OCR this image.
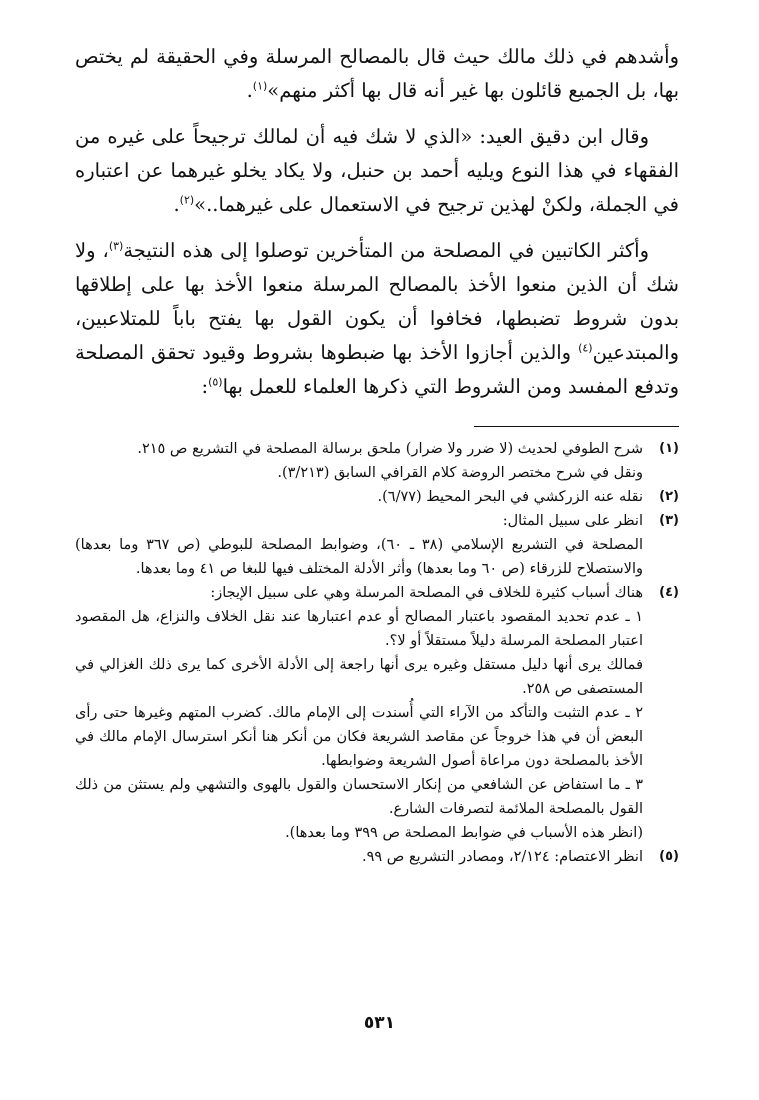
وأشدهم في ذلك مالك حيث قال بالمصالح المرسلة وفي الحقيقة لم يختص بها، بل الجميع قائلون بها غير أنه قال بها أكثر منهم»$^{(١)}$.

وقال ابن دقيق العيد: «الذي لا شك فيه أن لمالك ترجيحاً على غيره من الفقهاء في هذا النوع ويليه أحمد بن حنبل، ولا يكاد يخلو غيرهما عن اعتباره في الجملة، ولكنْ لهذين ترجيح في الاستعمال على غيرهما..»$^{(٢)}$.

وأكثر الكاتبين في المصلحة من المتأخرين توصلوا إلى هذه النتيجة$^{(٣)}$، ولا شك أن الذين منعوا الأخذ بالمصالح المرسلة منعوا الأخذ بها على إطلاقها بدون شروط تضبطها، فخافوا أن يكون القول بها يفتح باباً للمتلاعبين، والمبتدعين$^{(٤)}$ والذين أجازوا الأخذ بها ضبطوها بشروط وقيود تحقق المصلحة وتدفع المفسد ومن الشروط التي ذكرها العلماء للعمل بها$^{(٥)}$:

(١)

شرح الطوفي لحديث (لا ضرر ولا ضرار) ملحق برسالة المصلحة في التشريع ص ٢١٥.

ونقل في شرح مختصر الروضة كلام القرافي السابق (٣/٢١٣).

(٢)

نقله عنه الزركشي في البحر المحيط (٦/٧٧).

(٣)

انظر على سبيل المثال:

المصلحة في التشريع الإسلامي (٣٨ ـ ٦٠)، وضوابط المصلحة للبوطي (ص ٣٦٧ وما بعدها) والاستصلاح للزرقاء (ص ٦٠ وما بعدها) وأثر الأدلة المختلف فيها للبغا ص ٤١ وما بعدها.

(٤)

هناك أسباب كثيرة للخلاف في المصلحة المرسلة وهي على سبيل الإيجاز:

١ ـ عدم تحديد المقصود باعتبار المصالح أو عدم اعتبارها عند نقل الخلاف والنزاع، هل المقصود اعتبار المصلحة المرسلة دليلاً مستقلاً أو لا؟.

فمالك يرى أنها دليل مستقل وغيره يرى أنها راجعة إلى الأدلة الأخرى كما يرى ذلك الغزالي في المستصفى ص ٢٥٨.

٢ ـ عدم التثبت والتأكد من الآراء التي أُسندت إلى الإمام مالك. كضرب المتهم وغيرها حتى رأى البعض أن في هذا خروجاً عن مقاصد الشريعة فكان من أنكر هنا أنكر استرسال الإمام مالك في الأخذ بالمصلحة دون مراعاة أصول الشريعة وضوابطها.

٣ ـ ما استفاض عن الشافعي من إنكار الاستحسان والقول بالهوى والتشهي ولم يستثن من ذلك القول بالمصلحة الملائمة لتصرفات الشارع.

(انظر هذه الأسباب في ضوابط المصلحة ص ٣٩٩ وما بعدها).

(٥)

انظر الاعتصام: ٢/١٢٤، ومصادر التشريع ص ٩٩.

٥٣١
